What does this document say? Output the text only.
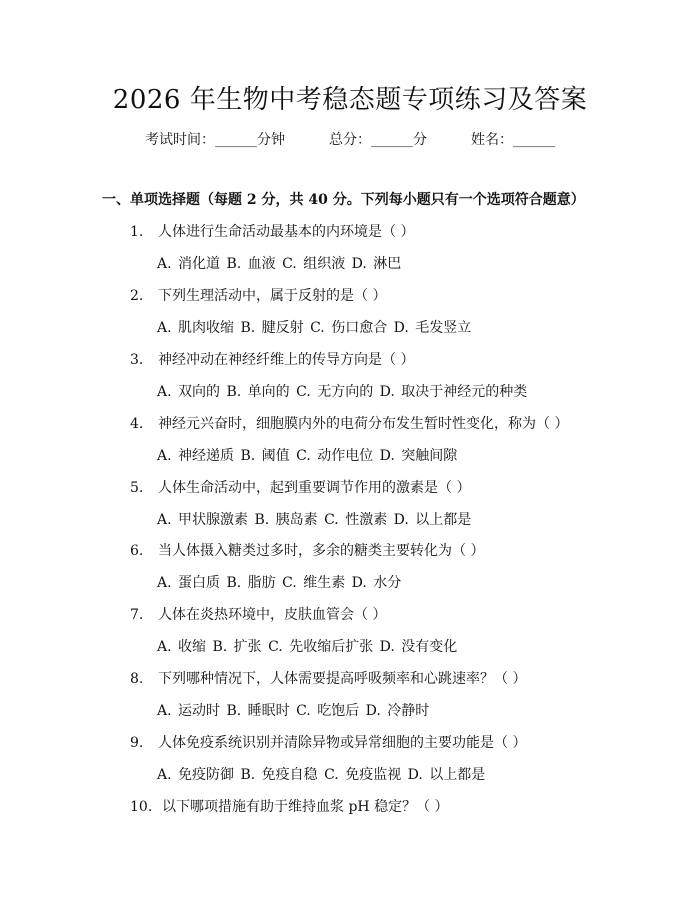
2026 年生物中考稳态题专项练习及答案
考试时间：______分钟	总分：______分	姓名：______
一、单项选择题（每题 2 分，共 40 分。下列每小题只有一个选项符合题意）
1. 人体进行生命活动最基本的内环境是（ ）
A. 消化道 B. 血液 C. 组织液 D. 淋巴
2. 下列生理活动中，属于反射的是（ ）
A. 肌肉收缩 B. 腱反射 C. 伤口愈合 D. 毛发竖立
3. 神经冲动在神经纤维上的传导方向是（ ）
A. 双向的 B. 单向的 C. 无方向的 D. 取决于神经元的种类
4. 神经元兴奋时，细胞膜内外的电荷分布发生暂时性变化，称为（ ）
A. 神经递质 B. 阈值 C. 动作电位 D. 突触间隙
5. 人体生命活动中，起到重要调节作用的激素是（ ）
A. 甲状腺激素 B. 胰岛素 C. 性激素 D. 以上都是
6. 当人体摄入糖类过多时，多余的糖类主要转化为（ ）
A. 蛋白质 B. 脂肪 C. 维生素 D. 水分
7. 人体在炎热环境中，皮肤血管会（ ）
A. 收缩 B. 扩张 C. 先收缩后扩张 D. 没有变化
8. 下列哪种情况下，人体需要提高呼吸频率和心跳速率？（ ）
A. 运动时 B. 睡眠时 C. 吃饱后 D. 冷静时
9. 人体免疫系统识别并清除异物或异常细胞的主要功能是（ ）
A. 免疫防御 B. 免疫自稳 C. 免疫监视 D. 以上都是
10. 以下哪项措施有助于维持血浆 pH 稳定？（ ）
